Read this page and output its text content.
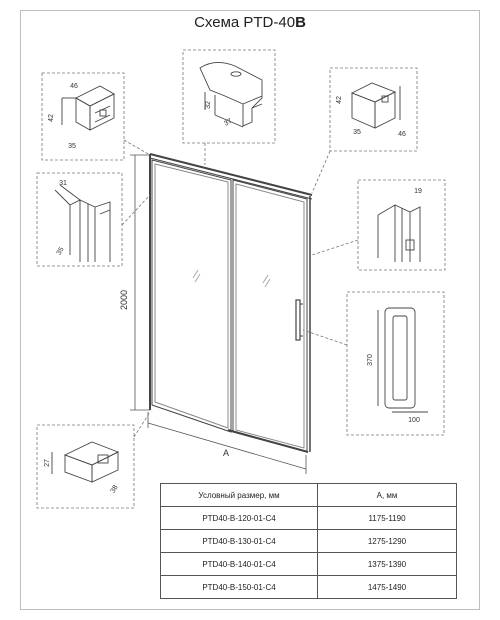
Схема PTD-40B
2000
A
32
37
46
42
35
42
35	46
31
35
19
370
100
27
38
Условный размер, мм	A, мм
PTD40-B-120-01-C4	1175-1190
PTD40-B-130-01-C4	1275-1290
PTD40-B-140-01-C4	1375-1390
PTD40-B-150-01-C4	1475-1490
